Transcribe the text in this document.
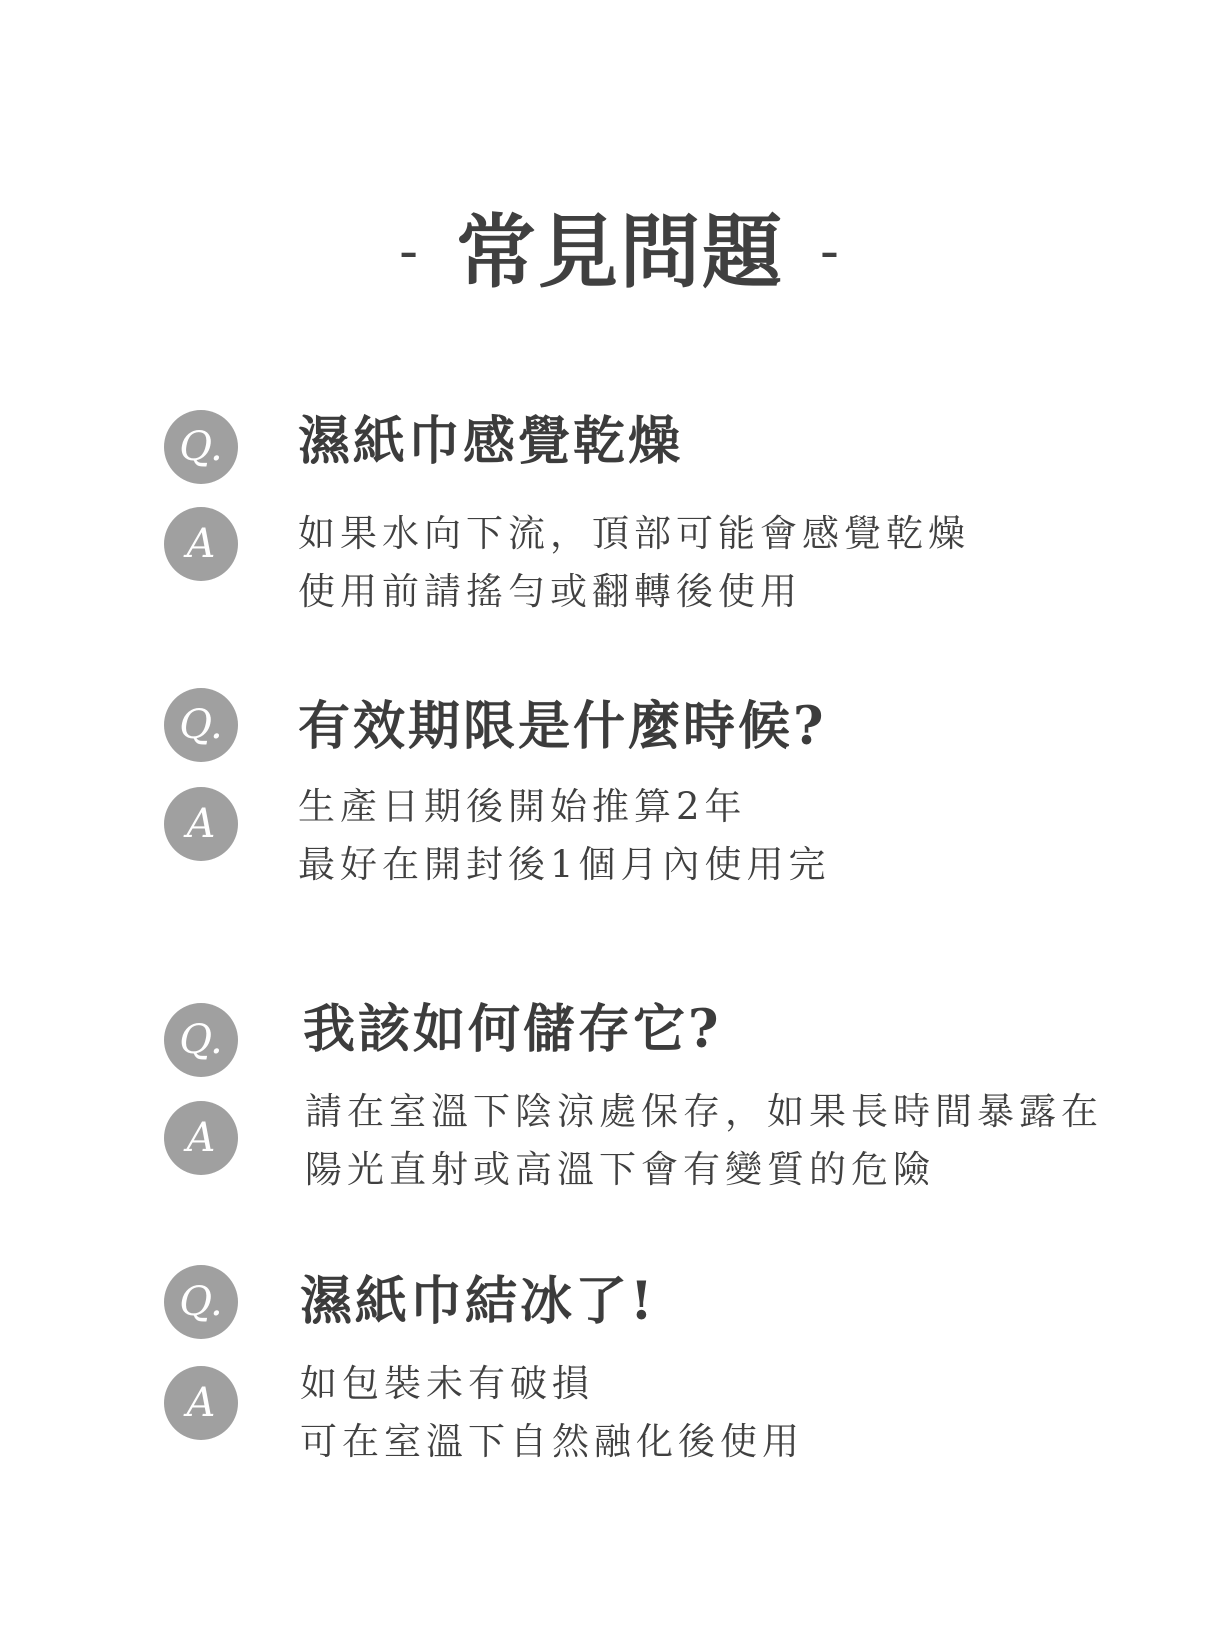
- 常見問題 -
Q. 濕紙巾感覺乾燥
A	如果水向下流，頂部可能會感覺乾燥
使用前請搖勻或翻轉後使用
Q. 有效期限是什麼時候?
A	生產日期後開始推算2年
最好在開封後1個月內使用完
Q. 我該如何儲存它?
A
請在室溫下陰涼處保存，如果長時間暴露在
陽光直射或高溫下會有變質的危險
Q. 濕紙巾結冰了!
A	如包裝未有破損
可在室溫下自然融化後使用
